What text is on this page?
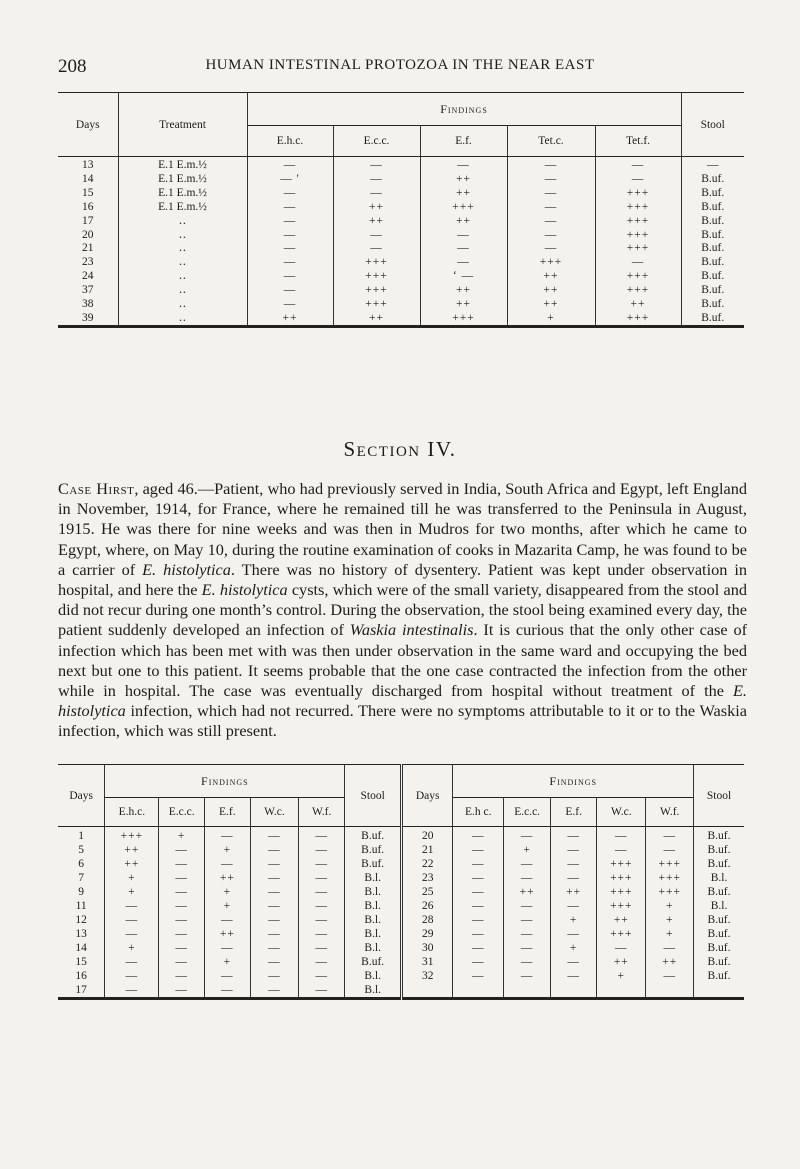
208	HUMAN INTESTINAL PROTOZOA IN THE NEAR EAST
Days	Treatment	Findings					Stool
		E.h.c.	E.c.c.	E.f.	Tet.c.	Tet.f.	
13	E.1 E.m.½	—	—	—	—	—	—
14	E.1 E.m.½	— '	—	++	—	—	B.uf.
15	E.1 E.m.½	—	—	++	—	+++	B.uf.
16	E.1 E.m.½	—	++	+++	—	+++	B.uf.
17	‥	—	++	++	—	+++	B.uf.
20	‥	—	—	—	—	+++	B.uf.
21	‥	—	—	—	—	+++	B.uf.
23	‥	—	+++	—	+++	—	B.uf.
24	‥	—	+++	‘ —	++	+++	B.uf.
37	‥	—	+++	++	++	+++	B.uf.
38	‥	—	+++	++	++	++	B.uf.
39	‥	++	++	+++	+	+++	B.uf.
Section IV.
Case Hirst, aged 46.—Patient, who had previously served in India, South Africa and Egypt, left England in November, 1914, for France, where he remained till he was transferred to the Peninsula in August, 1915. He was there for nine weeks and was then in Mudros for two months, after which he came to Egypt, where, on May 10, during the routine examination of cooks in Mazarita Camp, he was found to be a carrier of E. histolytica. There was no history of dysentery. Patient was kept under observation in hospital, and here the E. histolytica cysts, which were of the small variety, disappeared from the stool and did not recur during one month’s control. During the observation, the stool being examined every day, the patient suddenly developed an infection of Waskia intestinalis. It is curious that the only other case of infection which has been met with was then under observation in the same ward and occupying the bed next but one to this patient. It seems probable that the one case contracted the infection from the other while in hospital. The case was eventually discharged from hospital without treatment of the E. histolytica infection, which had not recurred. There were no symptoms attributable to it or to the Waskia infection, which was still present.
Days	Findings					Stool	Days	Findings					Stool
	E.h.c.	E.c.c.	E.f.	W.c.	W.f.			E.h c.	E.c.c.	E.f.	W.c.	W.f.	
1	+++	+	—	—	—	B.uf.	20	—	—	—	—	—	B.uf.
5	++	—	+	—	—	B.uf.	21	—	+	—	—	—	B.uf.
6	++	—	—	—	—	B.uf.	22	—	—	—	+++	+++	B.uf.
7	+	—	++	—	—	B.l.	23	—	—	—	+++	+++	B.l.
9	+	—	+	—	—	B.l.	25	—	++	++	+++	+++	B.uf.
11	—	—	+	—	—	B.l.	26	—	—	—	+++	+	B.l.
12	—	—	—	—	—	B.l.	28	—	—	+	++	+	B.uf.
13	—	—	++	—	—	B.l.	29	—	—	—	+++	+	B.uf.
14	+	—	—	—	—	B.l.	30	—	—	+	—	—	B.uf.
15	—	—	+	—	—	B.uf.	31	—	—	—	++	++	B.uf.
16	—	—	—	—	—	B.l.	32	—	—	—	+	—	B.uf.
17	—	—	—	—	—	B.l.							
